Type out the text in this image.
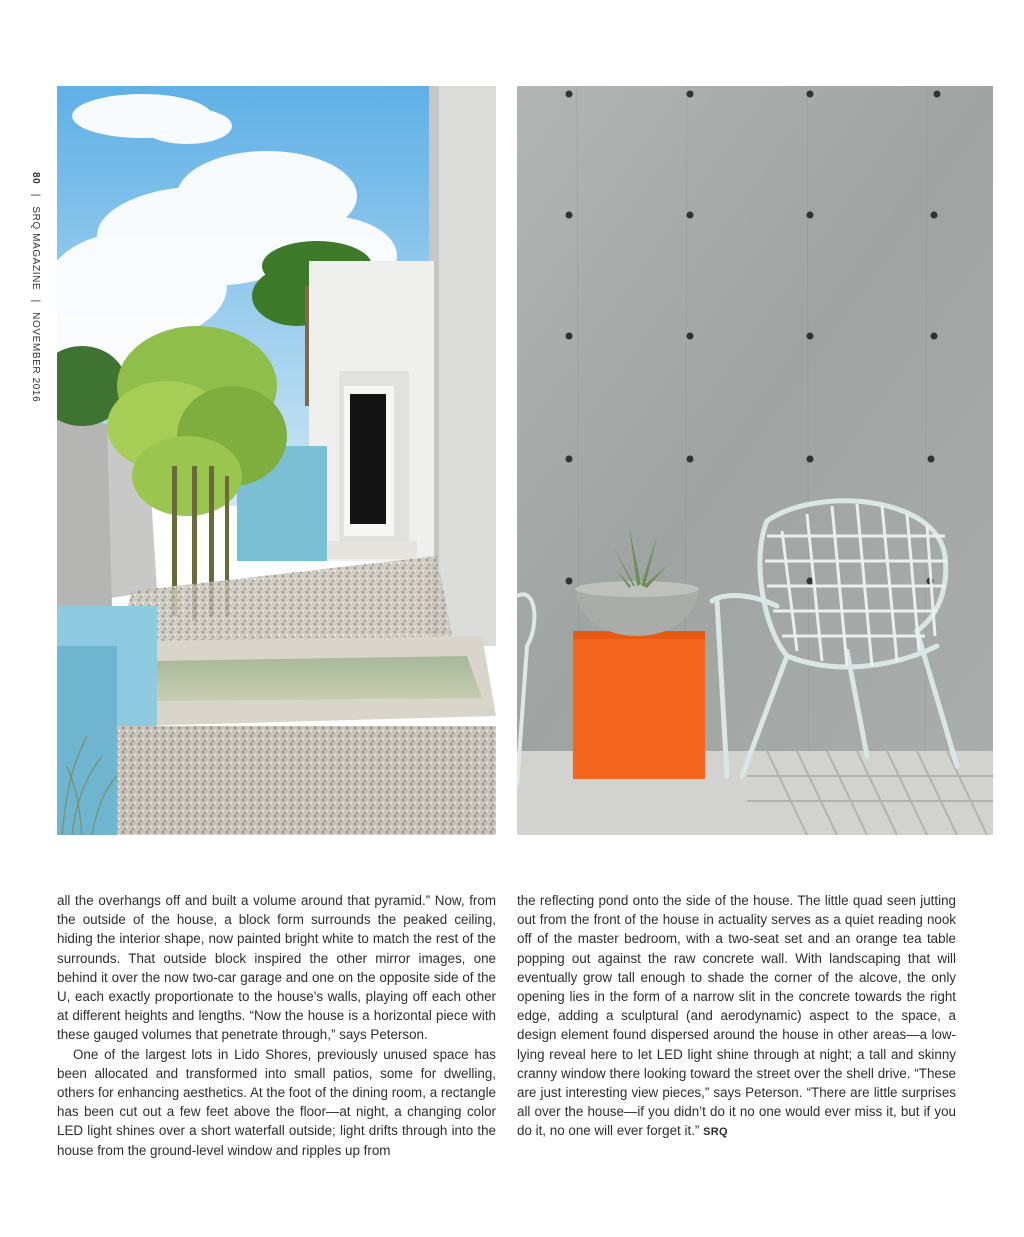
80 | SRQ MAGAZINE | NOVEMBER 2016

all the overhangs off and built a volume around that pyramid.” Now, from the outside of the house, a block form surrounds the peaked ceiling, hiding the interior shape, now painted bright white to match the rest of the surrounds. That outside block inspired the other mirror images, one behind it over the now two-car garage and one on the opposite side of the U, each exactly proportionate to the house’s walls, playing off each other at different heights and lengths. “Now the house is a horizontal piece with these gauged volumes that penetrate through,” says Peterson.

One of the largest lots in Lido Shores, previously unused space has been allocated and transformed into small patios, some for dwelling, others for enhancing aesthetics. At the foot of the dining room, a rectangle has been cut out a few feet above the floor—at night, a changing color LED light shines over a short waterfall outside; light drifts through into the house from the ground-level window and ripples up from

the reflecting pond onto the side of the house. The little quad seen jutting out from the front of the house in actuality serves as a quiet reading nook off of the master bedroom, with a two-seat set and an orange tea table popping out against the raw concrete wall. With landscaping that will eventually grow tall enough to shade the corner of the alcove, the only opening lies in the form of a narrow slit in the concrete towards the right edge, adding a sculptural (and aerodynamic) aspect to the space, a design element found dispersed around the house in other areas—a low-lying reveal here to let LED light shine through at night; a tall and skinny cranny window there looking toward the street over the shell drive. “These are just interesting view pieces,” says Peterson. “There are little surprises all over the house—if you didn’t do it no one would ever miss it, but if you do it, no one will ever forget it.” SRQ
